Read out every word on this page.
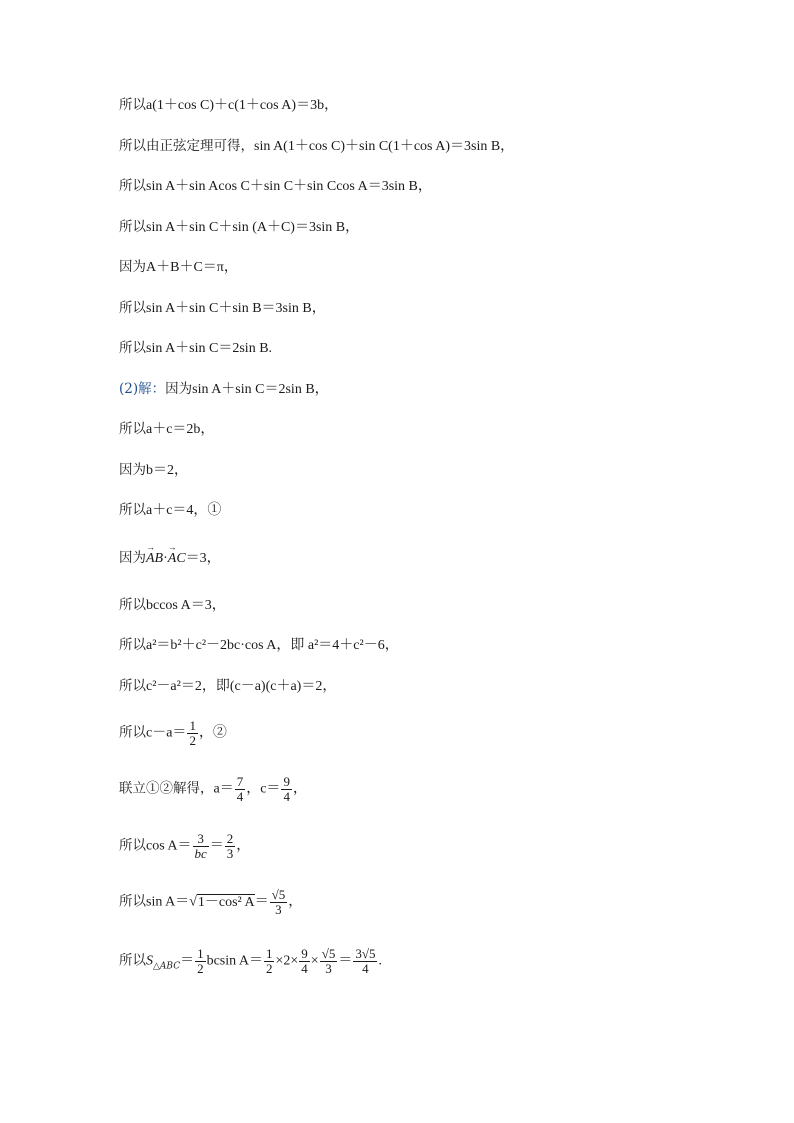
所以a(1＋cos C)＋c(1＋cos A)＝3b，
所以由正弦定理可得，sin A(1＋cos C)＋sin C(1＋cos A)＝3sin B，
所以sin A＋sin Acos C＋sin C＋sin Ccos A＝3sin B，
所以sin A＋sin C＋sin (A＋C)＝3sin B，
因为A＋B＋C＝π，
所以sin A＋sin C＋sin B＝3sin B，
所以sin A＋sin C＝2sin B.
(2)解：因为sin A＋sin C＝2sin B，
所以a＋c＝2b，
因为b＝2，
所以a＋c＝4，①
因为→ AB·→ AC＝3，
所以bccos A＝3，
所以a²＝b²＋c²－2bc·cos A，即 a²＝4＋c²－6，
所以c²－a²＝2，即(c－a)(c＋a)＝2，
所以$c-a= \frac{1}{2}$ ，②
联立①②解得，$a= \frac{7}{4}$ ，$c= \frac{9}{4}$ ，
所以$\cos A= \frac{3}{bc} = \frac{2}{3}$ ，
所以sin A＝√1－cos² $A= \frac{√5}{3}$ ，
所以$S_{\triangle ABC}= \frac{1}{2}$ bcsin $A= \frac{1}{2} \times 2\times \frac{9}{4} \times \frac{√5}{3} = \frac{3√5}{4}$ .
